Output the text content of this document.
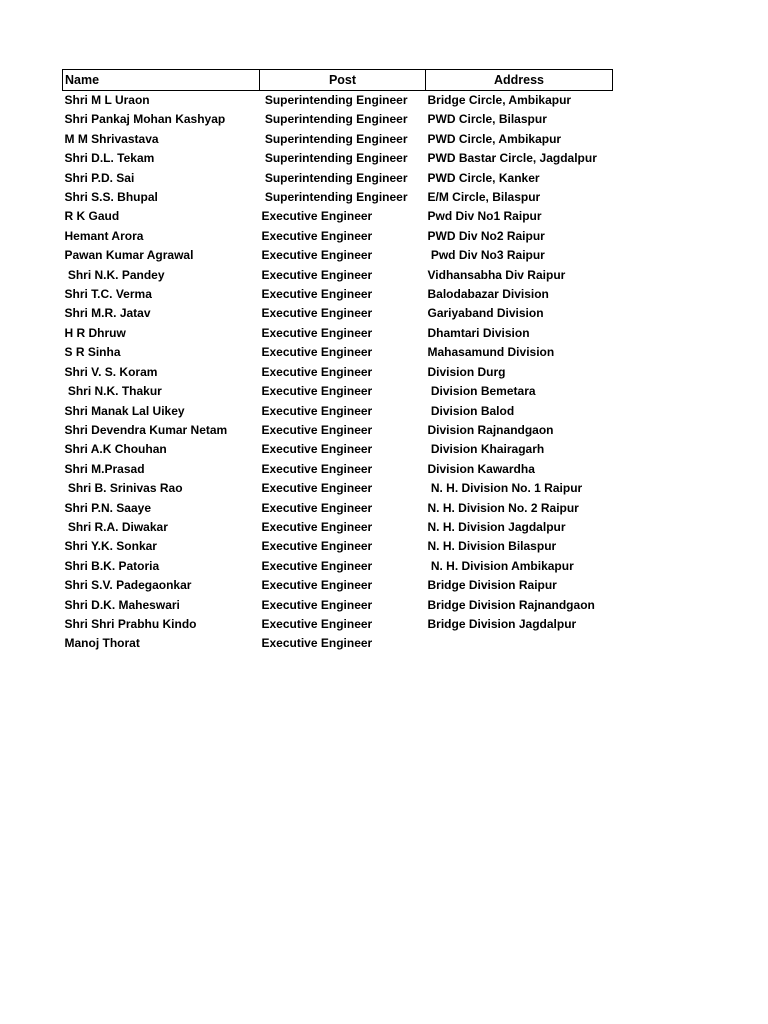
Name	Post	Address
Shri M L Uraon	Superintending Engineer	Bridge Circle, Ambikapur
Shri Pankaj Mohan Kashyap	Superintending Engineer	PWD Circle, Bilaspur
M M Shrivastava	Superintending Engineer	PWD Circle, Ambikapur
Shri D.L. Tekam	Superintending Engineer	PWD Bastar Circle, Jagdalpur
Shri P.D. Sai	Superintending Engineer	PWD Circle, Kanker
Shri S.S. Bhupal	Superintending Engineer	E/M Circle, Bilaspur
R K Gaud	Executive Engineer	Pwd Div No1 Raipur
Hemant Arora	Executive Engineer	PWD Div No2 Raipur
Pawan Kumar Agrawal	Executive Engineer	Pwd Div No3 Raipur
Shri N.K. Pandey	Executive Engineer	Vidhansabha Div Raipur
Shri T.C. Verma	Executive Engineer	Balodabazar Division
Shri M.R. Jatav	Executive Engineer	Gariyaband Division
H R Dhruw	Executive Engineer	Dhamtari Division
S R Sinha	Executive Engineer	Mahasamund Division
Shri V. S. Koram	Executive Engineer	Division Durg
Shri N.K. Thakur	Executive Engineer	Division Bemetara
Shri Manak Lal Uikey	Executive Engineer	Division Balod
Shri Devendra Kumar Netam	Executive Engineer	Division Rajnandgaon
Shri A.K Chouhan	Executive Engineer	Division Khairagarh
Shri M.Prasad	Executive Engineer	Division Kawardha
Shri B. Srinivas Rao	Executive Engineer	N. H. Division No. 1 Raipur
Shri P.N. Saaye	Executive Engineer	N. H. Division No. 2 Raipur
Shri R.A. Diwakar	Executive Engineer	N. H. Division Jagdalpur
Shri Y.K. Sonkar	Executive Engineer	N. H. Division Bilaspur
Shri B.K. Patoria	Executive Engineer	N. H. Division Ambikapur
Shri S.V. Padegaonkar	Executive Engineer	Bridge Division Raipur
Shri D.K. Maheswari	Executive Engineer	Bridge Division Rajnandgaon
Shri Shri Prabhu Kindo	Executive Engineer	Bridge Division Jagdalpur
Manoj Thorat	Executive Engineer	
